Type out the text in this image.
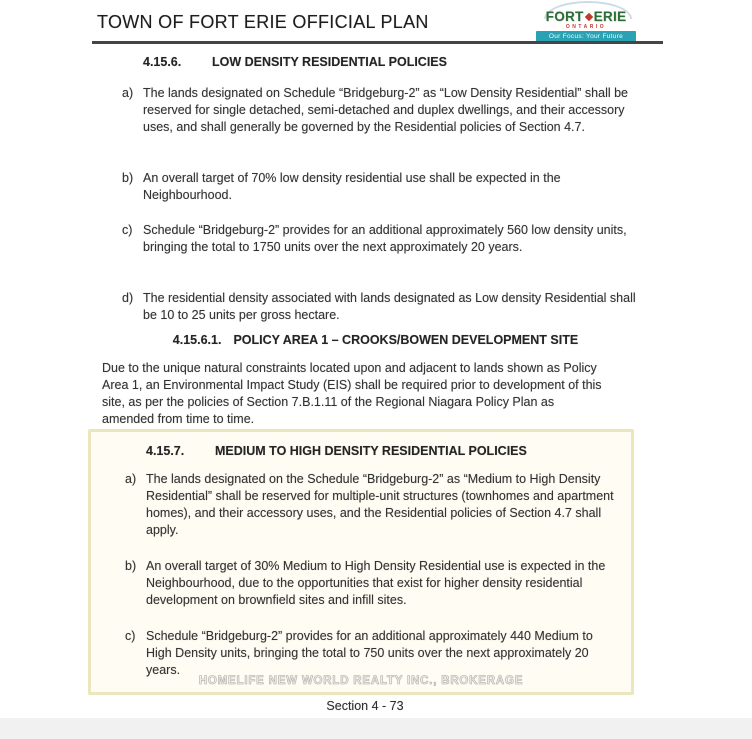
TOWN OF FORT ERIE OFFICIAL PLAN	FORT ERIE
ONTARIO
Our Focus: Your Future
4.15.6.	LOW DENSITY RESIDENTIAL POLICIES
a) The lands designated on Schedule “Bridgeburg-2” as “Low Density Residential” shall be reserved for single detached, semi-detached and duplex dwellings, and their accessory uses, and shall generally be governed by the Residential policies of Section 4.7.
b) An overall target of 70% low density residential use shall be expected in the Neighbourhood.
c) Schedule “Bridgeburg-2” provides for an additional approximately 560 low density units, bringing the total to 1750 units over the next approximately 20 years.
d) The residential density associated with lands designated as Low density Residential shall be 10 to 25 units per gross hectare.
4.15.6.1. POLICY AREA 1 – CROOKS/BOWEN DEVELOPMENT SITE
Due to the unique natural constraints located upon and adjacent to lands shown as Policy Area 1, an Environmental Impact Study (EIS) shall be required prior to development of this site, as per the policies of Section 7.B.1.11 of the Regional Niagara Policy Plan as amended from time to time.
4.15.7.	MEDIUM TO HIGH DENSITY RESIDENTIAL POLICIES
a) The lands designated on the Schedule “Bridgeburg-2” as “Medium to High Density Residential” shall be reserved for multiple-unit structures (townhomes and apartment homes), and their accessory uses, and the Residential policies of Section 4.7 shall apply.
b) An overall target of 30% Medium to High Density Residential use is expected in the Neighbourhood, due to the opportunities that exist for higher density residential development on brownfield sites and infill sites.
c) Schedule “Bridgeburg-2” provides for an additional approximately 440 Medium to High Density units, bringing the total to 750 units over the next approximately 20 years.
HOMELIFE NEW WORLD REALTY INC., BROKERAGE
Section 4 - 73
